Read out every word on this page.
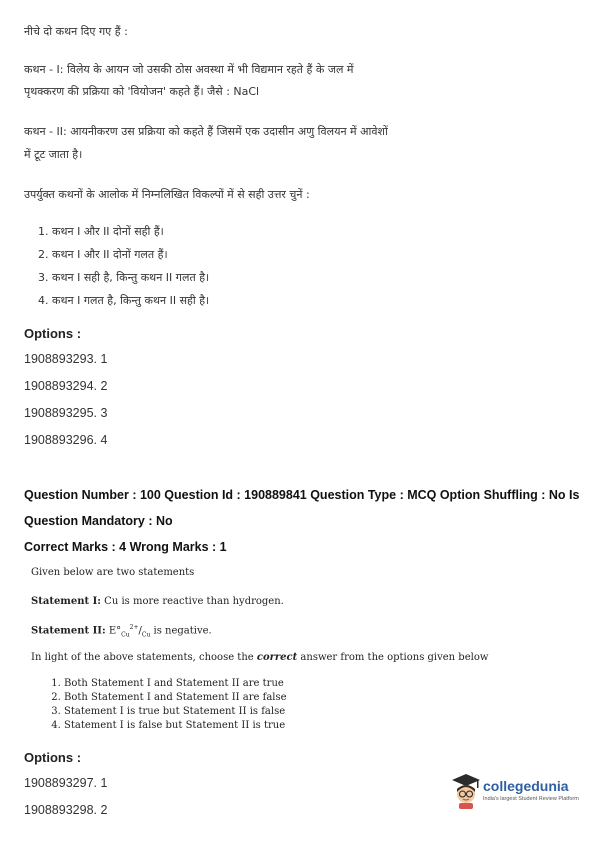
नीचे दो कथन दिए गए हैं :
कथन - I: विलेय के आयन जो उसकी ठोस अवस्था में भी विद्यमान रहते हैं के जल में
पृथक्करण की प्रक्रिया को 'वियोजन' कहते हैं। जैसे : NaCl
कथन - II: आयनीकरण उस प्रक्रिया को कहते हैं जिसमें एक उदासीन अणु विलयन में आवेशों
में टूट जाता है।
उपर्युक्त कथनों के आलोक में निम्नलिखित विकल्पों में से सही उत्तर चुनें :
1. कथन I और II दोनों सही हैं।
2. कथन I और II दोनों गलत हैं।
3. कथन I सही है, किन्तु कथन II गलत है।
4. कथन I गलत है, किन्तु कथन II सही है।
Options :
1908893293. 1
1908893294. 2
1908893295. 3
1908893296. 4
Question Number : 100 Question Id : 190889841 Question Type : MCQ Option Shuffling : No Is
Question Mandatory : No
Correct Marks : 4 Wrong Marks : 1
Given below are two statements
Statement I: Cu is more reactive than hydrogen.
Statement II: $E^\circ_{Cu}^{2+}/_{Cu}$ is negative.
In light of the above statements, choose the correct answer from the options given below
1. Both Statement I and Statement II are true
2. Both Statement I and Statement II are false
3. Statement I is true but Statement II is false
4. Statement I is false but Statement II is true
Options :
1908893297. 1
1908893298. 2
collegedunia
India's largest Student Review Platform
